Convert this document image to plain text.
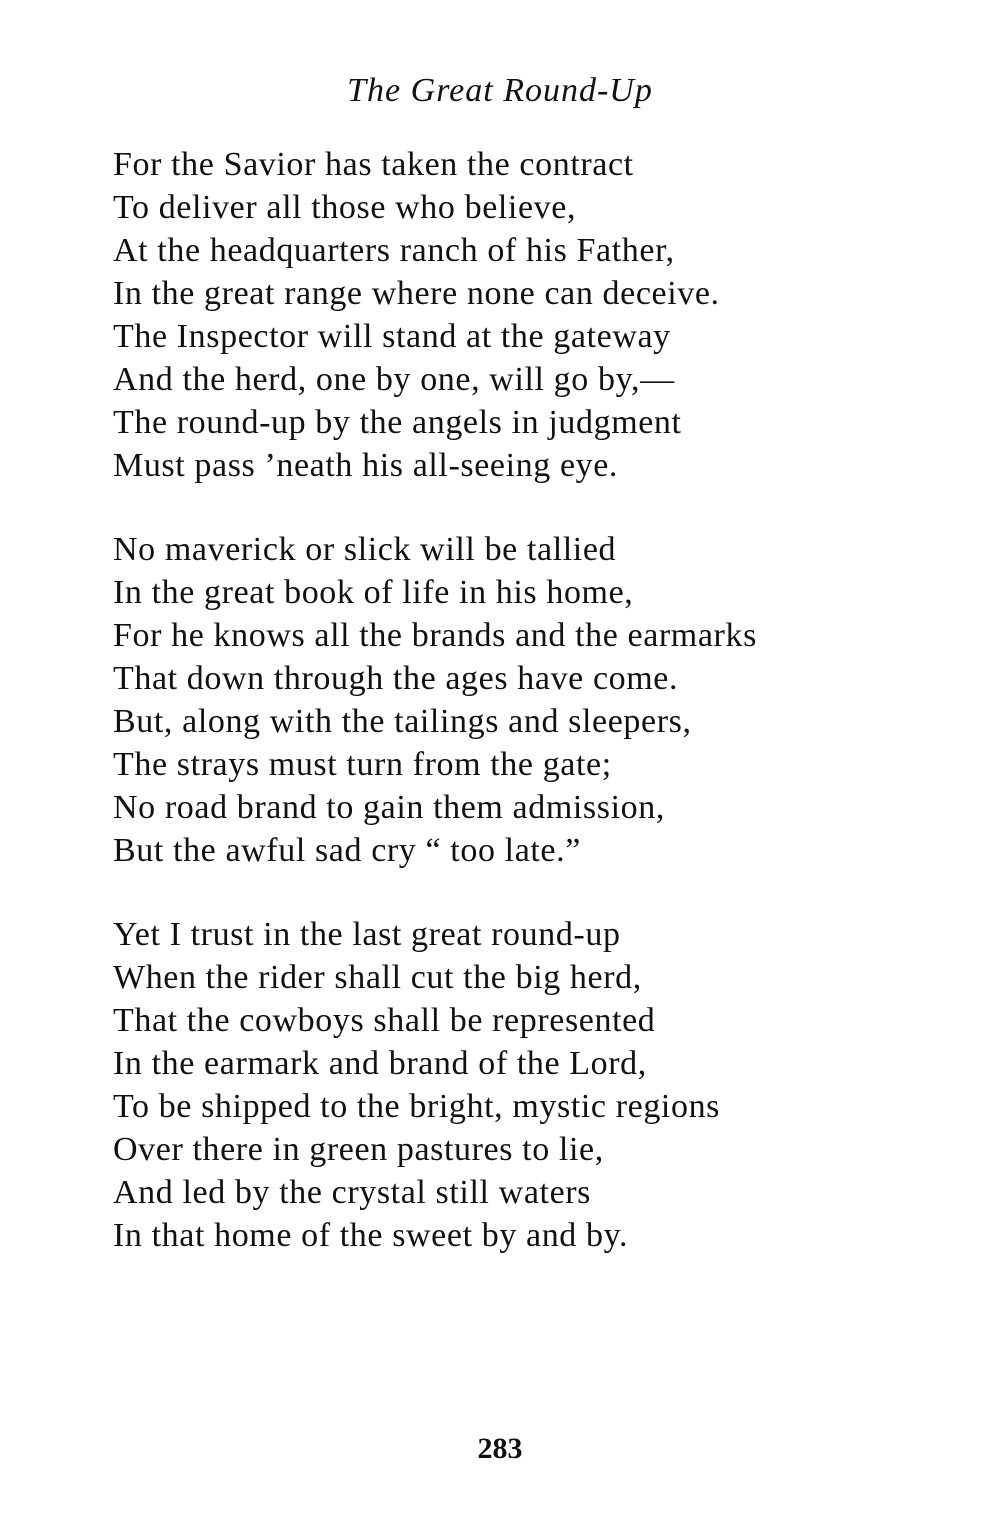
The Great Round-Up
For the Savior has taken the contract
To deliver all those who believe,
At the headquarters ranch of his Father,
In the great range where none can deceive.
The Inspector will stand at the gateway
And the herd, one by one, will go by,—
The round-up by the angels in judgment
Must pass ’neath his all-seeing eye.
No maverick or slick will be tallied
In the great book of life in his home,
For he knows all the brands and the earmarks
That down through the ages have come.
But, along with the tailings and sleepers,
The strays must turn from the gate;
No road brand to gain them admission,
But the awful sad cry “ too late.”
Yet I trust in the last great round-up
When the rider shall cut the big herd,
That the cowboys shall be represented
In the earmark and brand of the Lord,
To be shipped to the bright, mystic regions
Over there in green pastures to lie,
And led by the crystal still waters
In that home of the sweet by and by.
283
